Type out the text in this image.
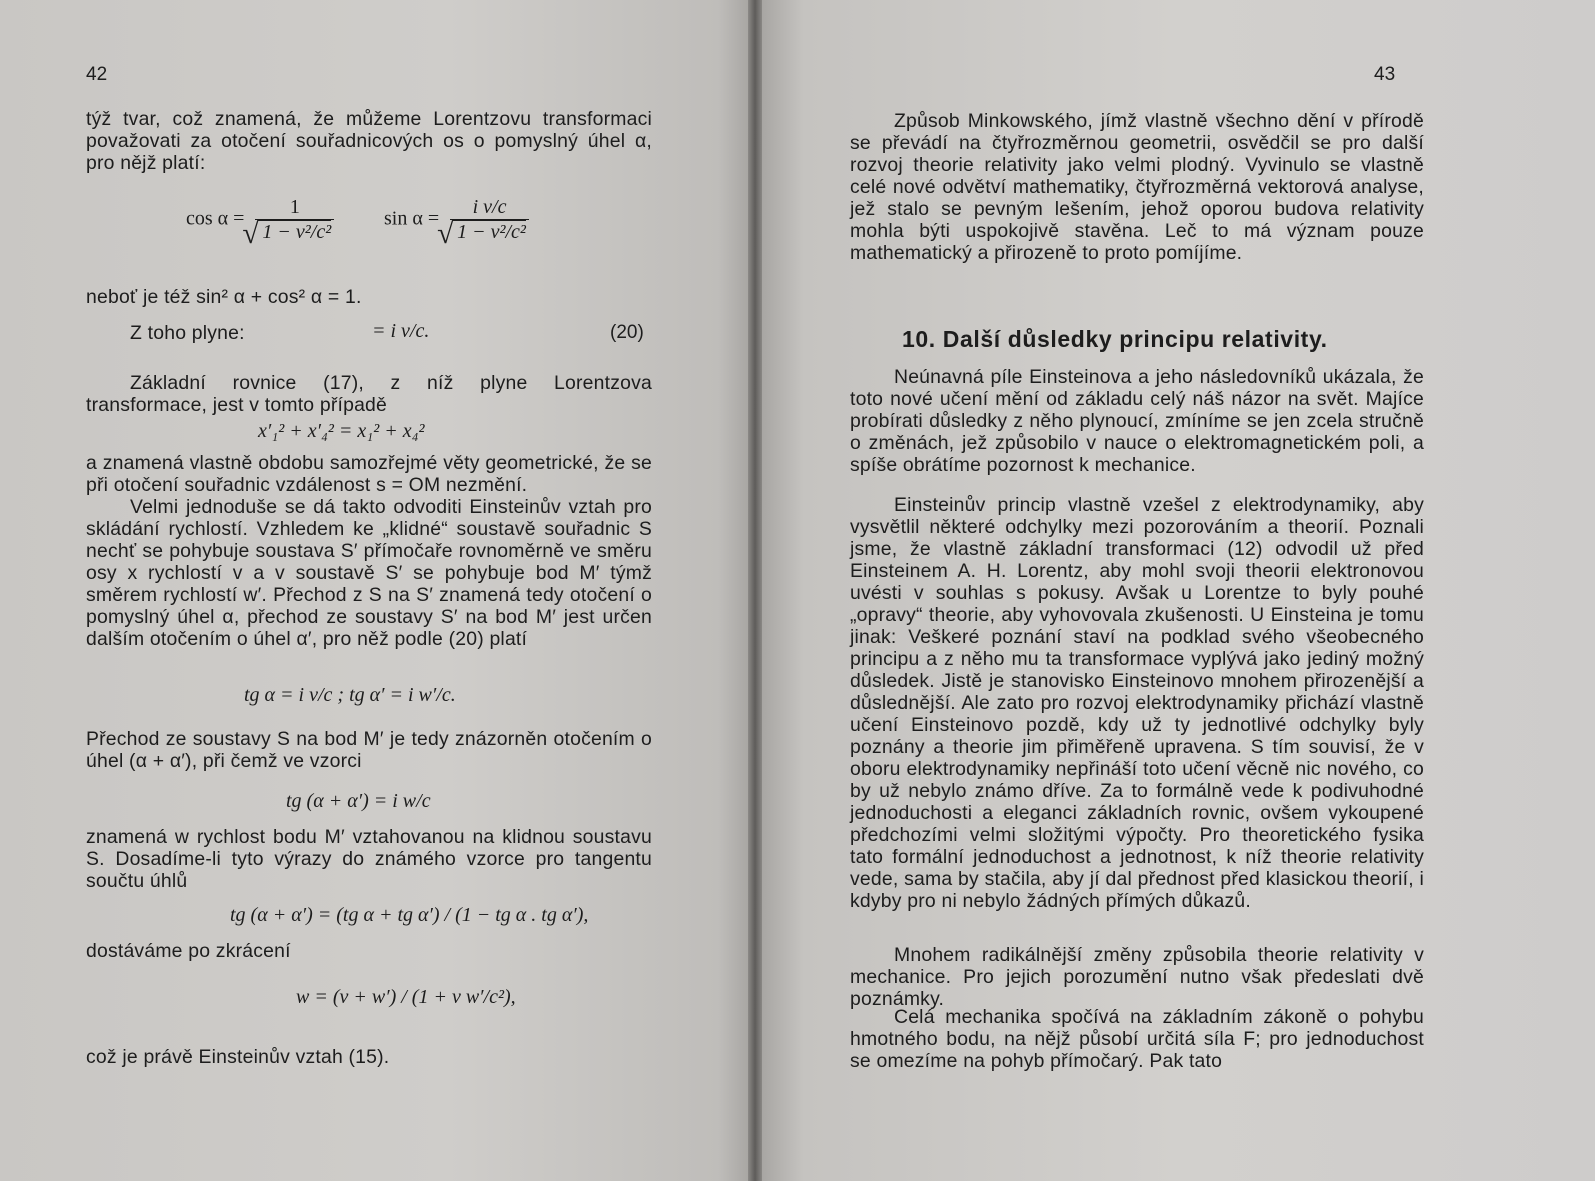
42

týž tvar, což znamená, že můžeme Lorentzovu transformaci považovati za otočení souřadnicových os o pomyslný úhel α, pro nějž platí:

cos α = 1
√ 1 − v²/c² sin α = i v/c
√ 1 − v²/c²

neboť je též sin² α + cos² α = 1.

Z toho plyne:	= i v/c.	(20)

Základní rovnice (17), z níž plyne Lorentzova transformace, jest v tomto případě

x′₁² + x′₄² = x₁² + x₄²

a znamená vlastně obdobu samozřejmé věty geometrické, že se při otočení souřadnic vzdálenost s = OM nezmění.

Velmi jednoduše se dá takto odvoditi Einsteinův vztah pro skládání rychlostí. Vzhledem ke „klidné“ soustavě souřadnic S nechť se pohybuje soustava S′ přímočaře rovnoměrně ve směru osy x rychlostí v a v soustavě S′ se pohybuje bod M′ týmž směrem rychlostí w′. Přechod z S na S′ znamená tedy otočení o pomyslný úhel α, přechod ze soustavy S′ na bod M′ jest určen dalším otočením o úhel α′, pro něž podle (20) platí

tg α = i v/c ; tg α′ = i w′/c.

Přechod ze soustavy S na bod M′ je tedy znázorněn otočením o úhel (α + α′), při čemž ve vzorci

tg (α + α′) = i w/c

znamená w rychlost bodu M′ vztahovanou na klidnou soustavu S. Dosadíme-li tyto výrazy do známého vzorce pro tangentu součtu úhlů

tg (α + α′) = (tg α + tg α′) / (1 − tg α . tg α′),

dostáváme po zkrácení

w = (v + w′) / (1 + v w′/c²),

což je právě Einsteinův vztah (15).

43

Způsob Minkowského, jímž vlastně všechno dění v přírodě se převádí na čtyřrozměrnou geometrii, osvědčil se pro další rozvoj theorie relativity jako velmi plodný. Vyvinulo se vlastně celé nové odvětví mathematiky, čtyřrozměrná vektorová analyse, jež stalo se pevným lešením, jehož oporou budova relativity mohla býti uspokojivě stavěna. Leč to má význam pouze mathematický a přirozeně to proto pomíjíme.

10. Další důsledky principu relativity.

Neúnavná píle Einsteinova a jeho následovníků ukázala, že toto nové učení mění od základu celý náš názor na svět. Majíce probírati důsledky z něho plynoucí, zmíníme se jen zcela stručně o změnách, jež způsobilo v nauce o elektromagnetickém poli, a spíše obrátíme pozornost k mechanice.

Einsteinův princip vlastně vzešel z elektrodynamiky, aby vysvětlil některé odchylky mezi pozorováním a theorií. Poznali jsme, že vlastně základní transformaci (12) odvodil už před Einsteinem A. H. Lorentz, aby mohl svoji theorii elektronovou uvésti v souhlas s pokusy. Avšak u Lorentze to byly pouhé „opravy“ theorie, aby vyhovovala zkušenosti. U Einsteina je tomu jinak: Veškeré poznání staví na podklad svého všeobecného principu a z něho mu ta transformace vyplývá jako jediný možný důsledek. Jistě je stanovisko Einsteinovo mnohem přirozenější a důslednější. Ale zato pro rozvoj elektrodynamiky přichází vlastně učení Einsteinovo pozdě, kdy už ty jednotlivé odchylky byly poznány a theorie jim přiměřeně upravena. S tím souvisí, že v oboru elektrodynamiky nepřináší toto učení věcně nic nového, co by už nebylo známo dříve. Za to formálně vede k podivuhodné jednoduchosti a eleganci základních rovnic, ovšem vykoupené předchozími velmi složitými výpočty. Pro theoretického fysika tato formální jednoduchost a jednotnost, k níž theorie relativity vede, sama by stačila, aby jí dal přednost před klasickou theorií, i kdyby pro ni nebylo žádných přímých důkazů.

Mnohem radikálnější změny způsobila theorie relativity v mechanice. Pro jejich porozumění nutno však předeslati dvě poznámky.

Celá mechanika spočívá na základním zákoně o pohybu hmotného bodu, na nějž působí určitá síla F; pro jednoduchost se omezíme na pohyb přímočarý. Pak tato
